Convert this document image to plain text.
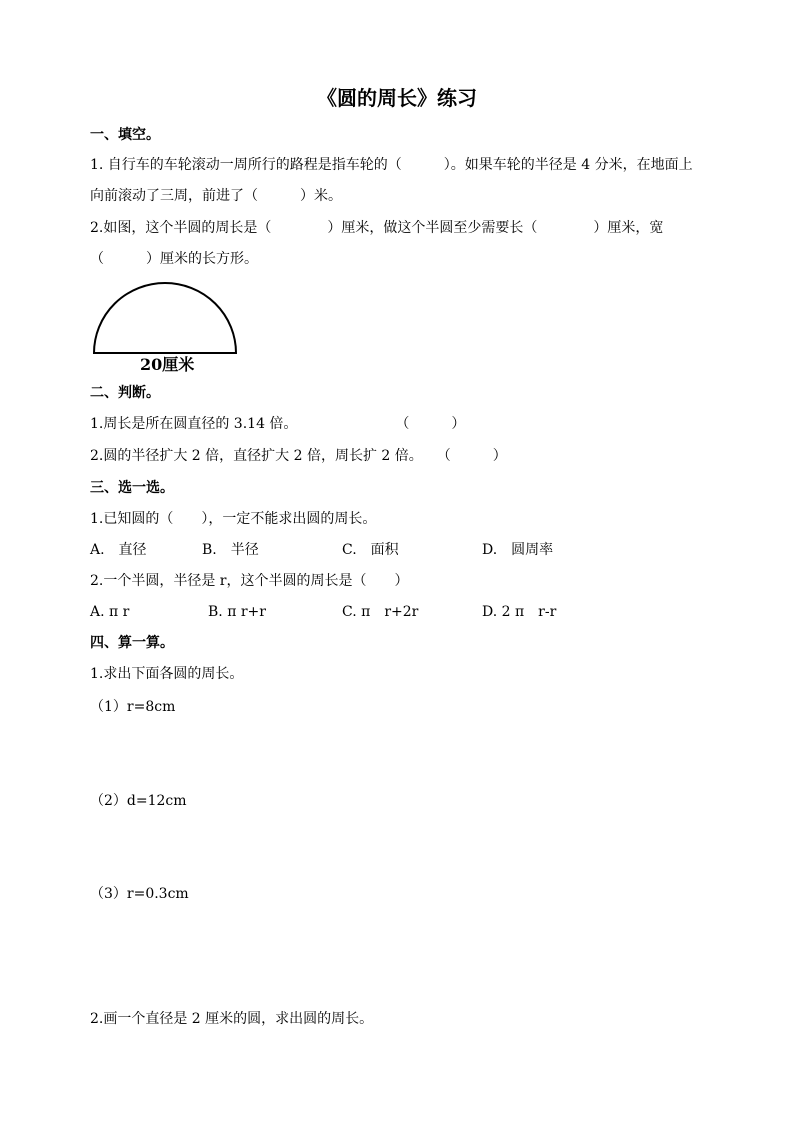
《圆的周长》练习
一、填空。
1. 自行车的车轮滚动一周所行的路程是指车轮的（　　　）。如果车轮的半径是 4 分米，在地面上
向前滚动了三周，前进了（　　　）米。
2.如图，这个半圆的周长是（　　　　）厘米，做这个半圆至少需要长（　　　　）厘米，宽
（　　　）厘米的长方形。
20厘米
二、判断。
1.周长是所在圆直径的 3.14 倍。　　　　　　　　（　　　）
2.圆的半径扩大 2 倍，直径扩大 2 倍，周长扩 2 倍。　　（　　　）
三、选一选。
1.已知圆的（　　），一定不能求出圆的周长。
A.　直径	B.　半径	C.　面积	D.　圆周率
2.一个半圆，半径是 r，这个半圆的周长是（　　）
A. π r	B. π r+r	C. π　r+2r	D. 2 π　r-r
四、算一算。
1.求出下面各圆的周长。
（1）r=8cm
（2）d=12cm
（3）r=0.3cm
2.画一个直径是 2 厘米的圆，求出圆的周长。
